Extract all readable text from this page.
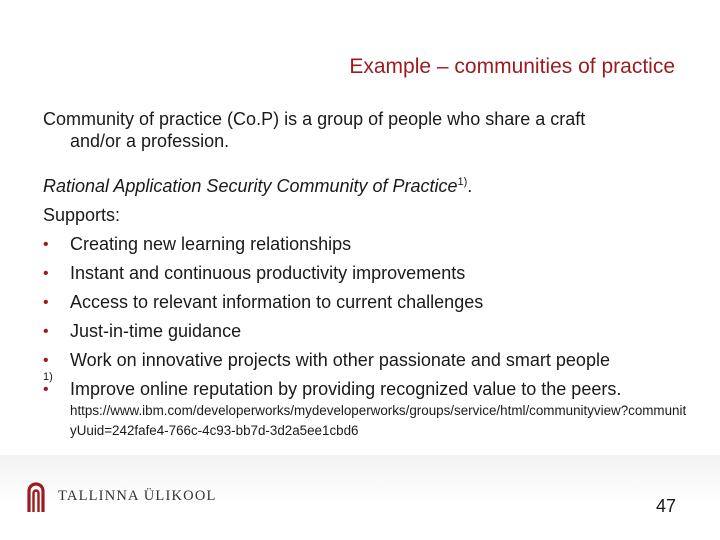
Example – communities of practice
Community of practice (Co.P) is a group of people who share a craft
and/or a profession.
Rational Application Security Community of Practice$^{1)}$.
Supports:
• Creating new learning relationships
• Instant and continuous productivity improvements
• Access to relevant information to current challenges
• Just-in-time guidance
• Work on innovative projects with other passionate and smart people
• Improve online reputation by providing recognized value to the peers.
1)
https://www.ibm.com/developerworks/mydeveloperworks/groups/service/html/communityview?communityUuid=242fafe4-766c-4c93-bb7d-3d2a5ee1cbd6
TALLINNA ÜLIKOOL
47
